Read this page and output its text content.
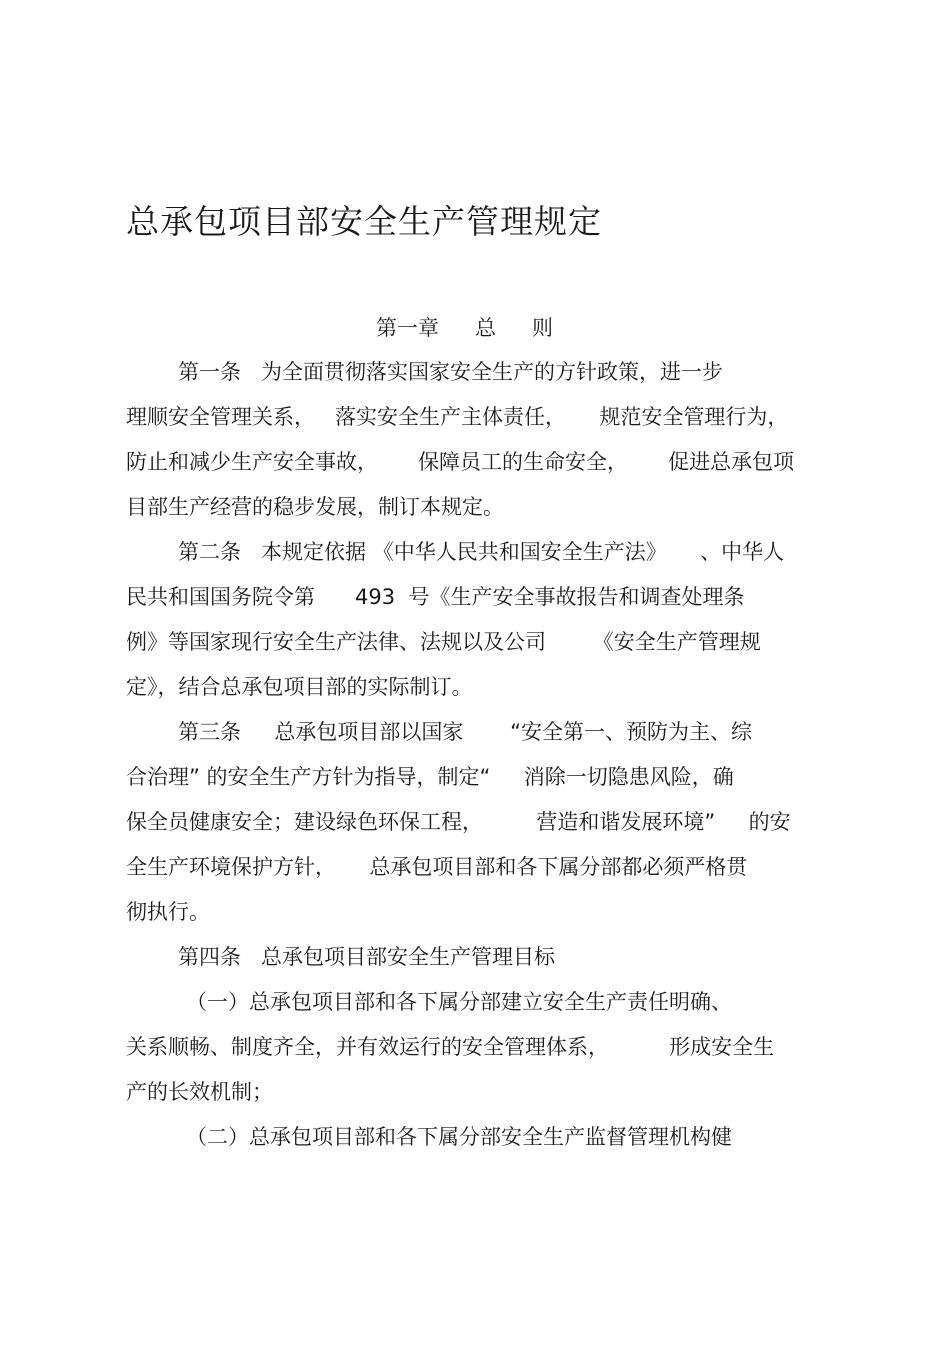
总承包项目部安全生产管理规定
第一章 总 则
第一条   为全面贯彻落实国家安全生产的方针政策，进一步
理顺安全管理关系，   落实安全生产主体责任，     规范安全管理行为，
防止和减少生产安全事故，      保障员工的生命安全，      促进总承包项
目部生产经营的稳步发展，制订本规定。
第二条   本规定依据 《中华人民共和国安全生产法》     、中华人
民共和国国务院令第      493  号《生产安全事故报告和调查处理条
例》等国家现行安全生产法律、法规以及公司       《安全生产管理规
定》，结合总承包项目部的实际制订。
第三条     总承包项目部以国家       “安全第一、预防为主、综
合治理” 的安全生产方针为指导，制定“     消除一切隐患风险，确
保全员健康安全；建设绿色环保工程，        营造和谐发展环境”     的安
全生产环境保护方针，     总承包项目部和各下属分部都必须严格贯
彻执行。
第四条   总承包项目部安全生产管理目标
（一）总承包项目部和各下属分部建立安全生产责任明确、
关系顺畅、制度齐全，并有效运行的安全管理体系，         形成安全生
产的长效机制；
（二）总承包项目部和各下属分部安全生产监督管理机构健
